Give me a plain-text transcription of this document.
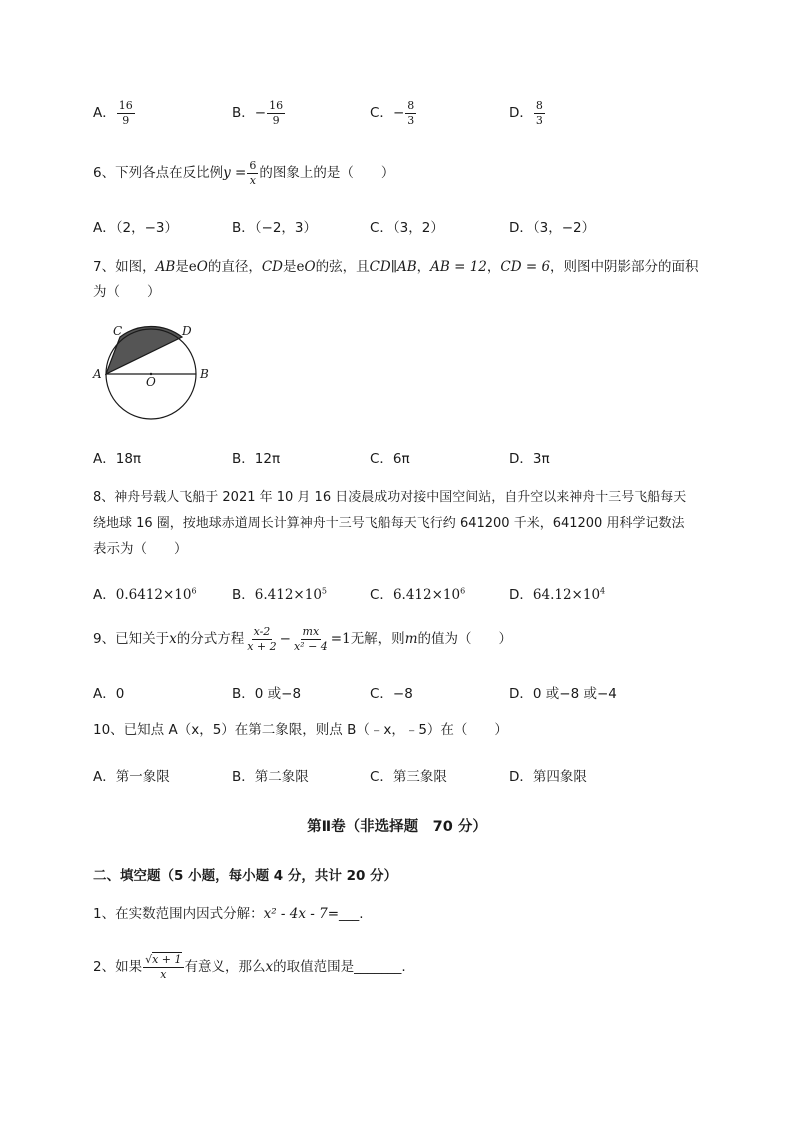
A． $\frac{16}{9}$	B．− $\frac{16}{9}$	C．− $\frac{8}{3}$	D． $\frac{8}{3}$
6、下列各点在反比例$y = \frac{6}{x}$ 的图象上的是（　　）
A．（2，−3）	B．（−2，3）	C．（3，2）	D．（3，−2）
7、如图，AB是eO的直径，CD是eO的弦，且CD∥AB，AB = 12，CD = 6，则图中阴影部分的面积
为（　　）
A	B
C	D
O
A．18π	B．12π	C．6π	D．3π
8、神舟号载人飞船于 2021 年 10 月 16 日凌晨成功对接中国空间站，自升空以来神舟十三号飞船每天
绕地球 16 圈，按地球赤道周长计算神舟十三号飞船每天飞行约 641200 千米，641200 用科学记数法
表示为（　　）
A．$0.6412\times 10^6$	B．$6.412\times 10^5$	C．$6.412\times 10^6$	D．$64.12\times 10^4$
9、已知关于x的分式方程 $\frac{x-2}{x + 2} - \frac{mx}{\text{x² − 4}} =1$无解，则m的值为（　　）
A．0	B．0 或−8	C．−8	D．0 或−8 或−4
10、已知点 A（x，5）在第二象限，则点 B（﹣x，﹣5）在（　　）
A．第一象限	B．第二象限	C．第三象限	D．第四象限
第Ⅱ卷（非选择题　70 分）
二、填空题（5 小题，每小题 4 分，共计 20 分）
1、在实数范围内因式分解：x² - 4x - 7=___.
2、如果 $\frac{√x + 1}{x}$ 有意义，那么x的取值范围是_______.
